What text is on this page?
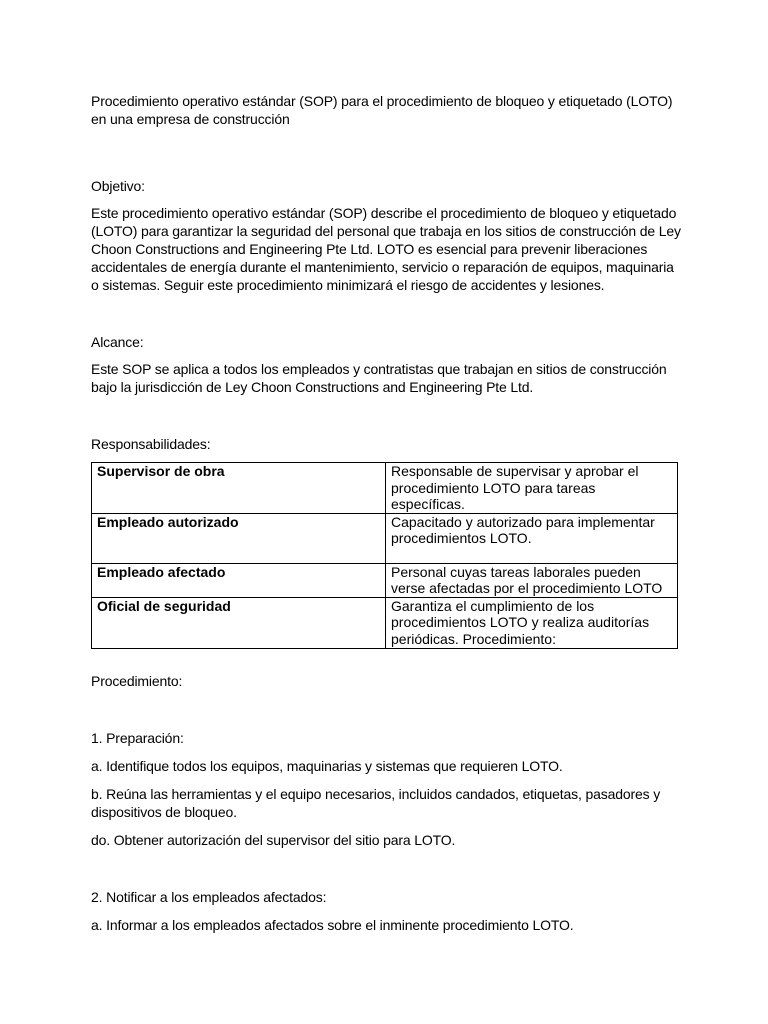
Procedimiento operativo estándar (SOP) para el procedimiento de bloqueo y etiquetado (LOTO) en una empresa de construcción

Objetivo:

Este procedimiento operativo estándar (SOP) describe el procedimiento de bloqueo y etiquetado (LOTO) para garantizar la seguridad del personal que trabaja en los sitios de construcción de Ley Choon Constructions and Engineering Pte Ltd. LOTO es esencial para prevenir liberaciones accidentales de energía durante el mantenimiento, servicio o reparación de equipos, maquinaria o sistemas. Seguir este procedimiento minimizará el riesgo de accidentes y lesiones.

Alcance:

Este SOP se aplica a todos los empleados y contratistas que trabajan en sitios de construcción bajo la jurisdicción de Ley Choon Constructions and Engineering Pte Ltd.

Responsabilidades:

Supervisor de obra	Responsable de supervisar y aprobar el procedimiento LOTO para tareas específicas.
Empleado autorizado	Capacitado y autorizado para implementar procedimientos LOTO.
Empleado afectado	Personal cuyas tareas laborales pueden verse afectadas por el procedimiento LOTO
Oficial de seguridad	Garantiza el cumplimiento de los procedimientos LOTO y realiza auditorías periódicas. Procedimiento:

Procedimiento:

1. Preparación:

a. Identifique todos los equipos, maquinarias y sistemas que requieren LOTO.

b. Reúna las herramientas y el equipo necesarios, incluidos candados, etiquetas, pasadores y dispositivos de bloqueo.

do. Obtener autorización del supervisor del sitio para LOTO.

2. Notificar a los empleados afectados:

a. Informar a los empleados afectados sobre el inminente procedimiento LOTO.
